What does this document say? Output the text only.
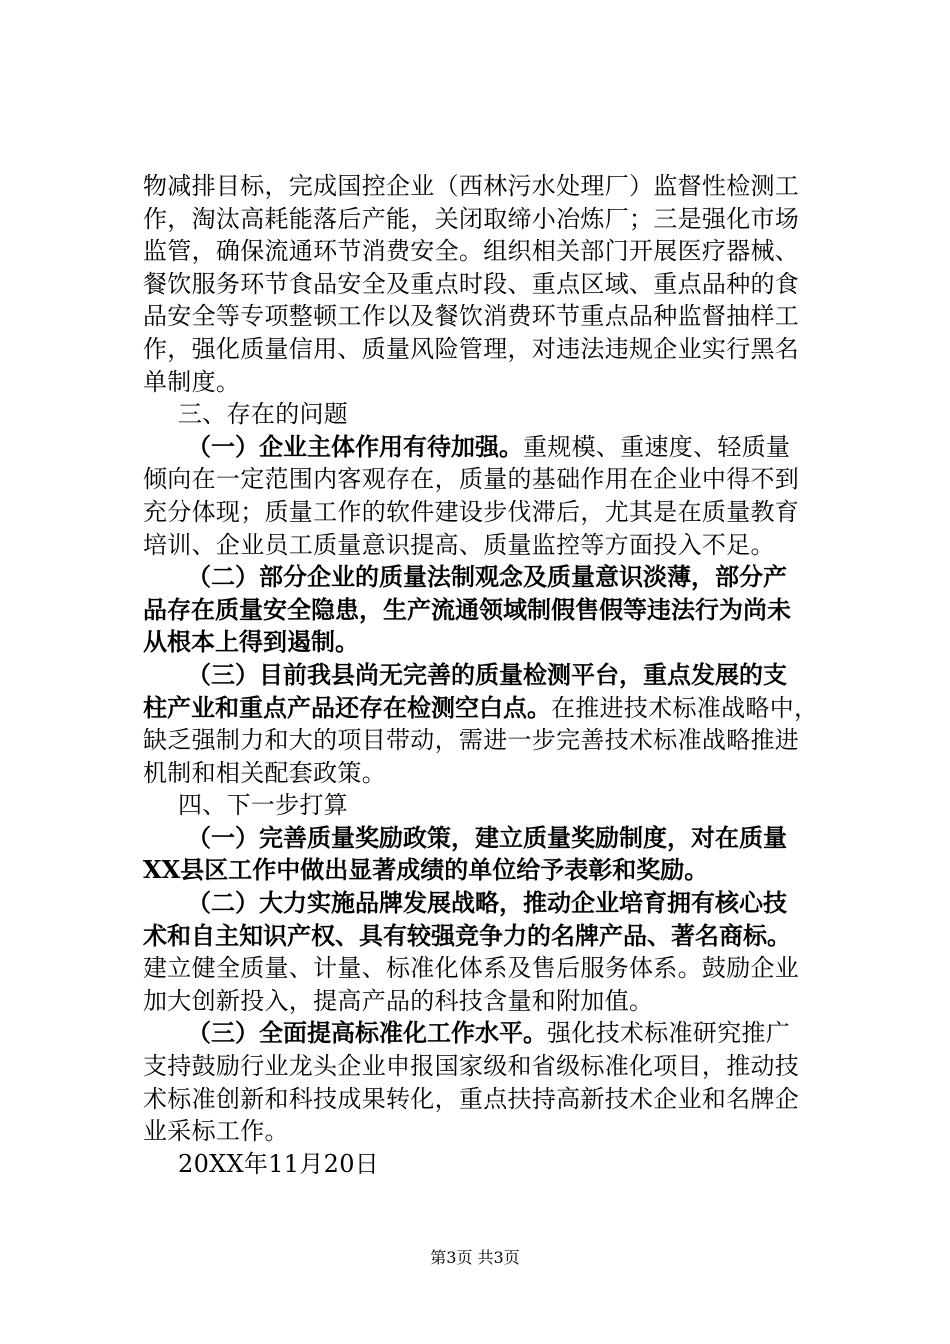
物减排目标，完成国控企业（西林污水处理厂）监督性检测工
作，淘汰高耗能落后产能，关闭取缔小冶炼厂；三是强化市场
监管，确保流通环节消费安全。组织相关部门开展医疗器械、
餐饮服务环节食品安全及重点时段、重点区域、重点品种的食
品安全等专项整顿工作以及餐饮消费环节重点品种监督抽样工
作，强化质量信用、质量风险管理，对违法违规企业实行黑名
单制度。
三、存在的问题
（一）企业主体作用有待加强。重规模、重速度、轻质量
倾向在一定范围内客观存在，质量的基础作用在企业中得不到
充分体现；质量工作的软件建设步伐滞后，尤其是在质量教育
培训、企业员工质量意识提高、质量监控等方面投入不足。
（二）部分企业的质量法制观念及质量意识淡薄，部分产
品存在质量安全隐患，生产流通领域制假售假等违法行为尚未
从根本上得到遏制。
（三）目前我县尚无完善的质量检测平台，重点发展的支
柱产业和重点产品还存在检测空白点。在推进技术标准战略中，
缺乏强制力和大的项目带动，需进一步完善技术标准战略推进
机制和相关配套政策。
四、下一步打算
（一）完善质量奖励政策，建立质量奖励制度，对在质量
XX县区工作中做出显著成绩的单位给予表彰和奖励。
（二）大力实施品牌发展战略，推动企业培育拥有核心技
术和自主知识产权、具有较强竞争力的名牌产品、著名商标。
建立健全质量、计量、标准化体系及售后服务体系。鼓励企业
加大创新投入，提高产品的科技含量和附加值。
（三）全面提高标准化工作水平。强化技术标准研究推广
支持鼓励行业龙头企业申报国家级和省级标准化项目，推动技
术标准创新和科技成果转化，重点扶持高新技术企业和名牌企
业采标工作。
20XX年11月20日
第3页 共3页
